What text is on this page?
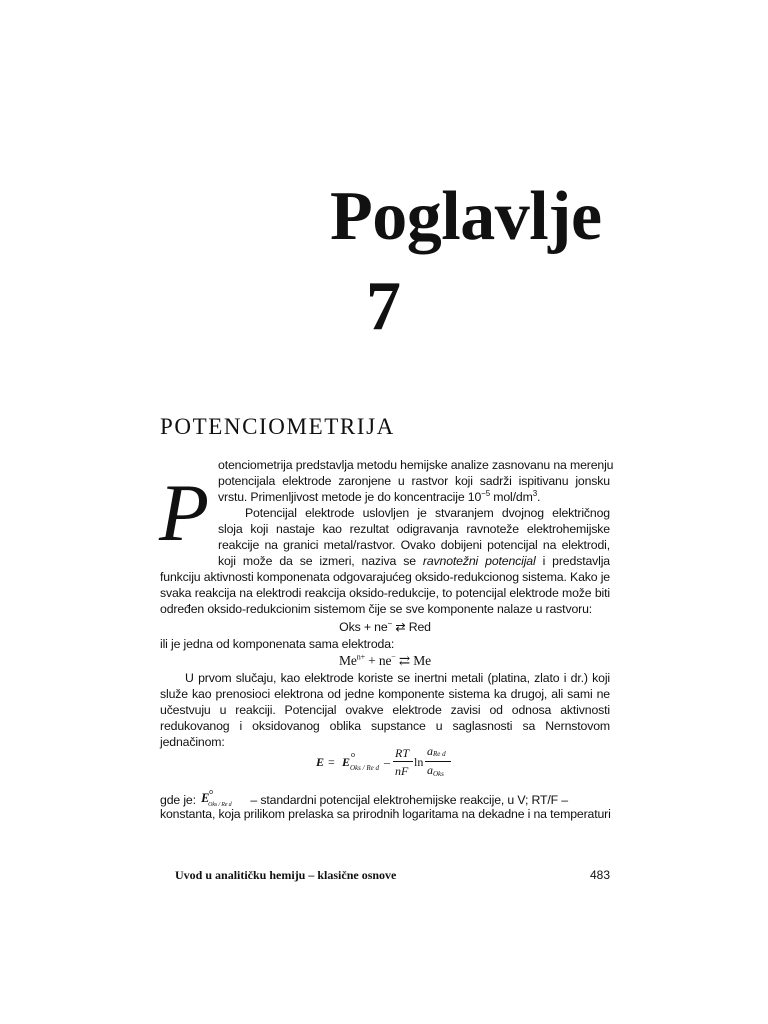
Poglavlje
7
POTENCIOMETRIJA
P
otenciometrija predstavlja metodu hemijske analize zasnovanu na merenju
potencijala elektrode zaronjene u rastvor koji sadrži ispitivanu jonsku
vrstu. Primenljivost metode je do koncentracije $10^{-5}$ mol/$dm^3$.
Potencijal elektrode uslovljen je stvaranjem dvojnog električnog
sloja koji nastaje kao rezultat odigravanja ravnoteže elektrohemijske
reakcije na granici metal/rastvor. Ovako dobijeni potencijal na elektrodi,
koji može da se izmeri, naziva se ravnotežni potencijal i predstavlja
funkciju aktivnosti komponenata odgovarajućeg oksido-redukcionog sistema. Kako je
svaka reakcija na elektrodi reakcija oksido-redukcije, to potencijal elektrode može biti
određen oksido-redukcionim sistemom čije se sve komponente nalaze u rastvoru:
Oks + ne− ⇄ Red
ili je jedna od komponenata sama elektroda:
$Me^{n+} + ne^-$ ⇄ Me
U prvom slučaju, kao elektrode koriste se inertni metali (platina, zlato i dr.) koji
služe kao prenosioci elektrona od jedne komponente sistema ka drugoj, ali sami ne
učestvuju u reakciji. Potencijal ovakve elektrode zavisi od odnosa aktivnosti
redukovanog i oksidovanog oblika supstance u saglasnosti sa Nernstovom
jednačinom:
E = E
o
Oks / Re d –
RT
nF
ln
a Re d
a Oks
gde je: E o
Oks / Re d – standardni potencijal elektrohemijske reakcije, u V; RT/F –
konstanta, koja prilikom prelaska sa prirodnih logaritama na dekadne i na temperaturi
Uvod u analitičku hemiju – klasične osnove	483
